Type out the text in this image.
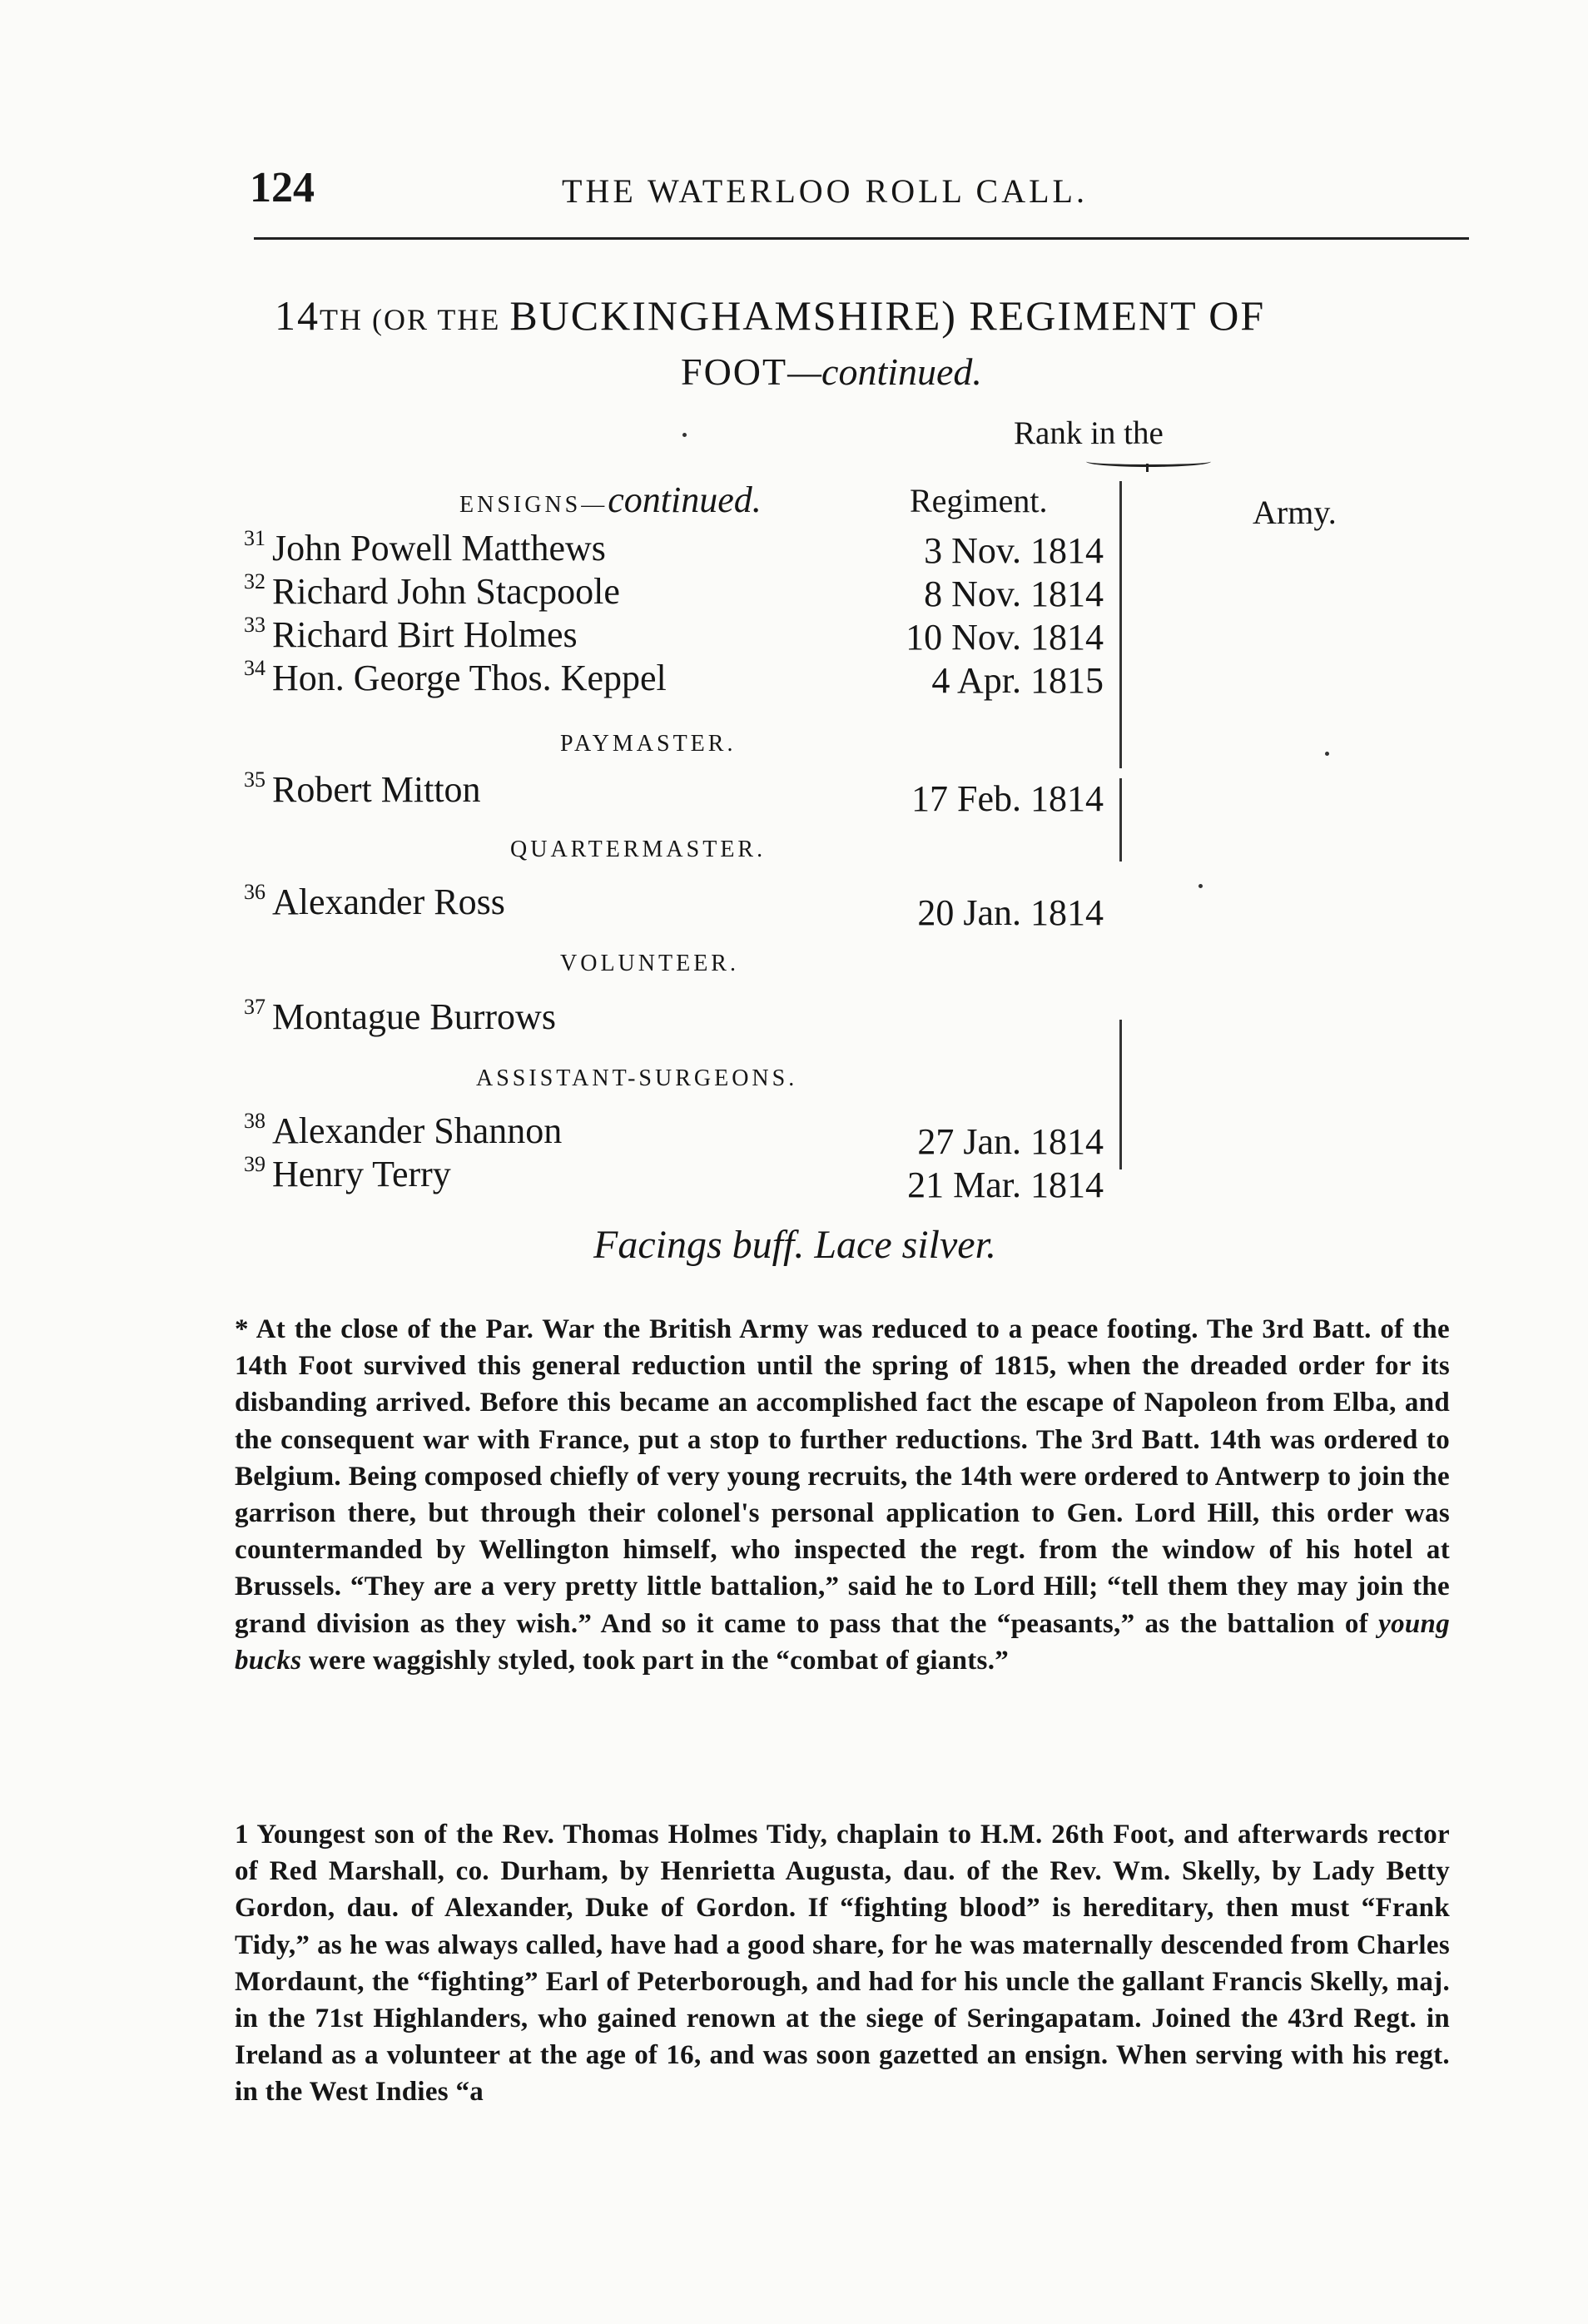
124	THE WATERLOO ROLL CALL.
14TH (OR THE BUCKINGHAMSHIRE) REGIMENT OF
FOOT—continued.
Rank in the
ENSIGNS—continued.	Regiment.	Army.
$^{31}$ John Powell Matthews	3 Nov. 1814
$^{32}$ Richard John Stacpoole	8 Nov. 1814
$^{33}$ Richard Birt Holmes	10 Nov. 1814
$^{34}$ Hon. George Thos. Keppel	4 Apr. 1815
PAYMASTER.
$^{35}$ Robert Mitton	17 Feb. 1814
QUARTERMASTER.
$^{36}$ Alexander Ross	20 Jan. 1814
VOLUNTEER.
$^{37}$ Montague Burrows
ASSISTANT-SURGEONS.
$^{38}$ Alexander Shannon	27 Jan. 1814
$^{39}$ Henry Terry	21 Mar. 1814
Facings buff. Lace silver.

* At the close of the Par. War the British Army was reduced to a peace footing. The 3rd Batt. of the 14th Foot survived this general reduction until the spring of 1815, when the dreaded order for its disbanding arrived. Before this became an accomplished fact the escape of Napoleon from Elba, and the consequent war with France, put a stop to further reductions. The 3rd Batt. 14th was ordered to Belgium. Being composed chiefly of very young recruits, the 14th were ordered to Antwerp to join the garrison there, but through their colonel's personal application to Gen. Lord Hill, this order was countermanded by Wellington himself, who inspected the regt. from the window of his hotel at Brussels. “They are a very pretty little battalion,” said he to Lord Hill; “tell them they may join the grand division as they wish.” And so it came to pass that the “peasants,” as the battalion of young bucks were waggishly styled, took part in the “combat of giants.”

1 Youngest son of the Rev. Thomas Holmes Tidy, chaplain to H.M. 26th Foot, and afterwards rector of Red Marshall, co. Durham, by Henrietta Augusta, dau. of the Rev. Wm. Skelly, by Lady Betty Gordon, dau. of Alexander, Duke of Gordon. If “fighting blood” is hereditary, then must “Frank Tidy,” as he was always called, have had a good share, for he was maternally descended from Charles Mordaunt, the “fighting” Earl of Peterborough, and had for his uncle the gallant Francis Skelly, maj. in the 71st Highlanders, who gained renown at the siege of Seringapatam. Joined the 43rd Regt. in Ireland as a volunteer at the age of 16, and was soon gazetted an ensign. When serving with his regt. in the West Indies “a
